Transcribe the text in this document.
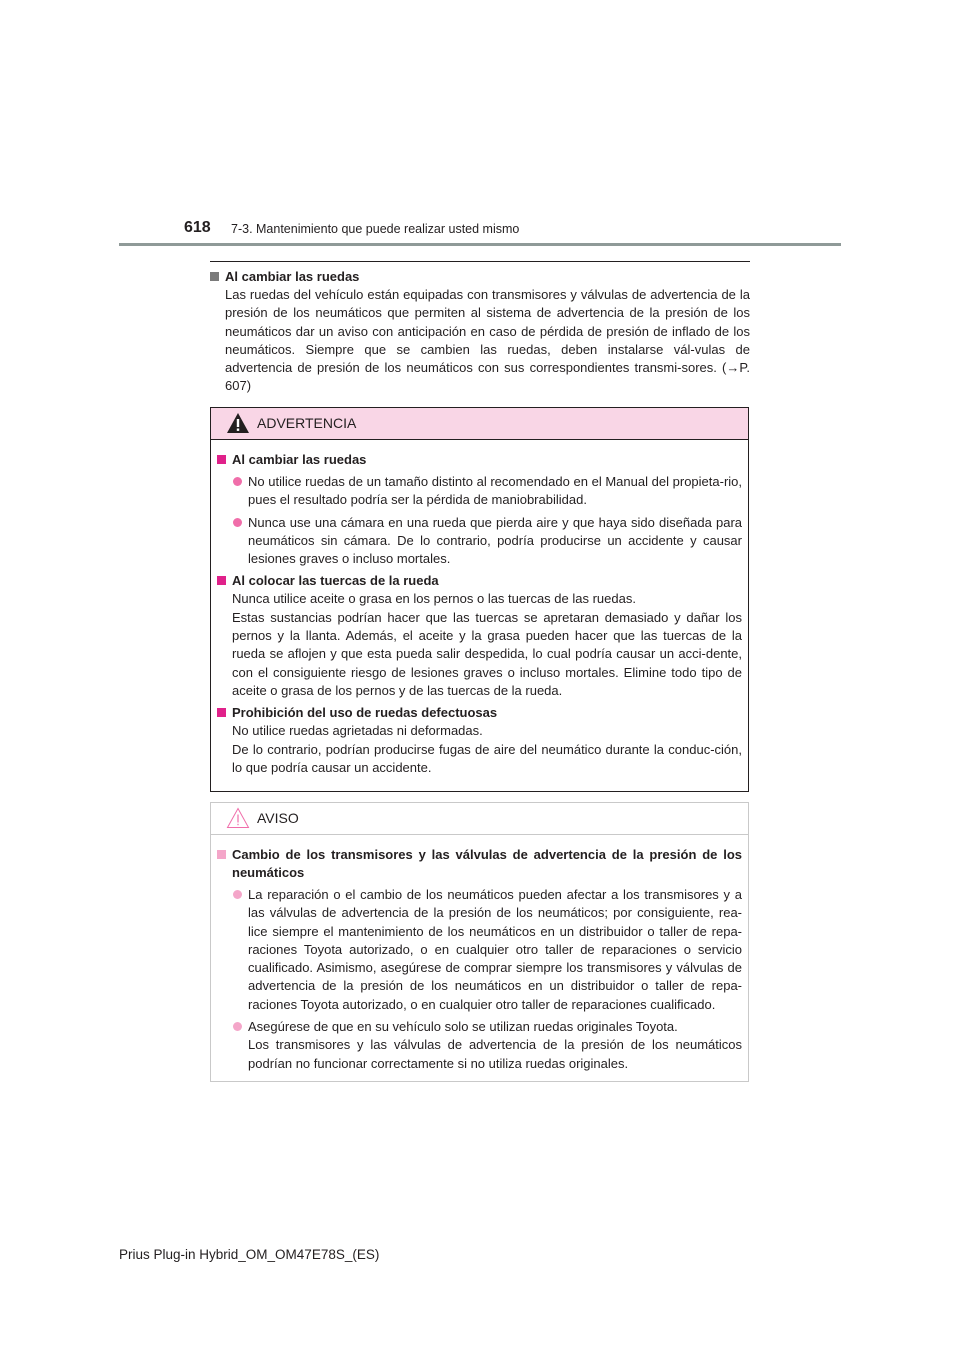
618 7-3. Mantenimiento que puede realizar usted mismo

Al cambiar las ruedas

Las ruedas del vehículo están equipadas con transmisores y válvulas de advertencia de la presión de los neumáticos que permiten al sistema de advertencia de la presión de los neumáticos dar un aviso con anticipación en caso de pérdida de presión de inflado de los neumáticos. Siempre que se cambien las ruedas, deben instalarse vál-vulas de advertencia de presión de los neumáticos con sus correspondientes transmi-sores. (→P. 607)

ADVERTENCIA

Al cambiar las ruedas

No utilice ruedas de un tamaño distinto al recomendado en el Manual del propieta-rio, pues el resultado podría ser la pérdida de maniobrabilidad.

Nunca use una cámara en una rueda que pierda aire y que haya sido diseñada para neumáticos sin cámara. De lo contrario, podría producirse un accidente y causar lesiones graves o incluso mortales.

Al colocar las tuercas de la rueda

Nunca utilice aceite o grasa en los pernos o las tuercas de las ruedas.

Estas sustancias podrían hacer que las tuercas se apretaran demasiado y dañar los pernos y la llanta. Además, el aceite y la grasa pueden hacer que las tuercas de la rueda se aflojen y que esta pueda salir despedida, lo cual podría causar un acci-dente, con el consiguiente riesgo de lesiones graves o incluso mortales. Elimine todo tipo de aceite o grasa de los pernos y de las tuercas de la rueda.

Prohibición del uso de ruedas defectuosas

No utilice ruedas agrietadas ni deformadas.

De lo contrario, podrían producirse fugas de aire del neumático durante la conduc-ción, lo que podría causar un accidente.

AVISO

Cambio de los transmisores y las válvulas de advertencia de la presión de los neumáticos

La reparación o el cambio de los neumáticos pueden afectar a los transmisores y a las válvulas de advertencia de la presión de los neumáticos; por consiguiente, rea-lice siempre el mantenimiento de los neumáticos en un distribuidor o taller de repa-raciones Toyota autorizado, o en cualquier otro taller de reparaciones o servicio cualificado. Asimismo, asegúrese de comprar siempre los transmisores y válvulas de advertencia de la presión de los neumáticos en un distribuidor o taller de repa-raciones Toyota autorizado, o en cualquier otro taller de reparaciones cualificado.

Asegúrese de que en su vehículo solo se utilizan ruedas originales Toyota.

Los transmisores y las válvulas de advertencia de la presión de los neumáticos podrían no funcionar correctamente si no utiliza ruedas originales.

Prius Plug-in Hybrid_OM_OM47E78S_(ES)
